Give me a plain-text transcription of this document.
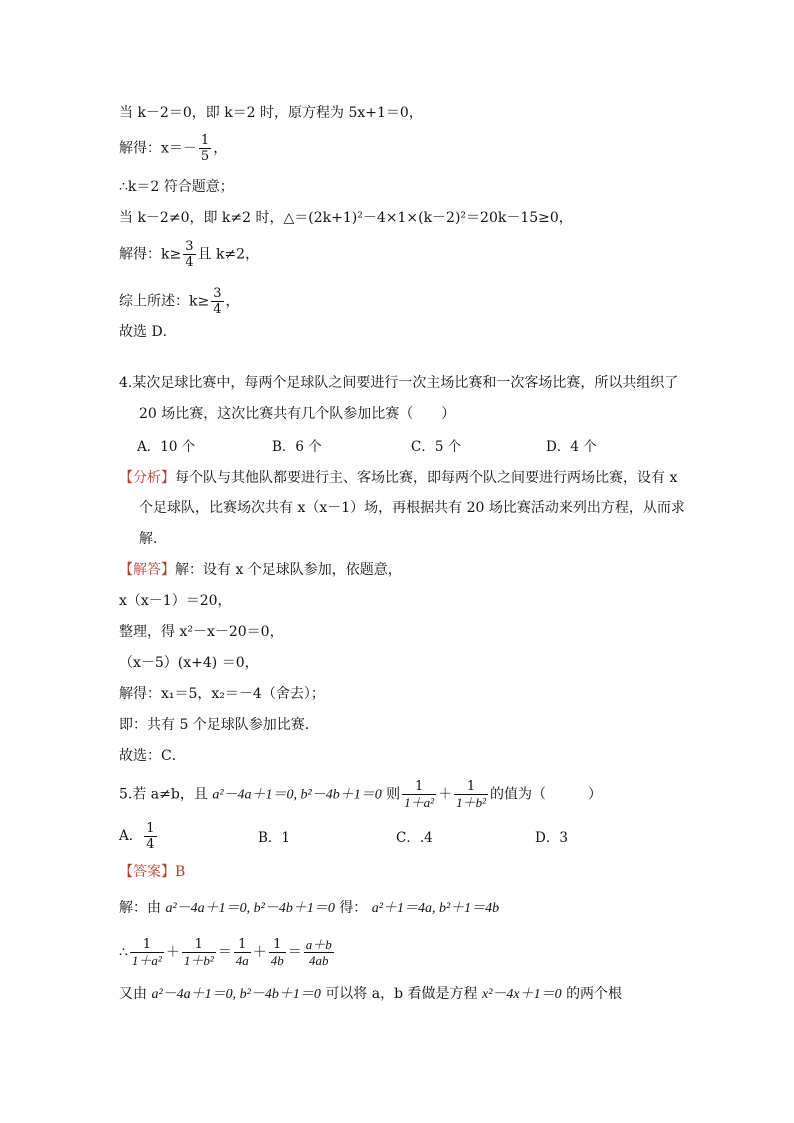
当 k－2＝0，即 k＝2 时，原方程为 5x+1＝0，
解得：$x=- \frac{1}{5}$ ，
∴k＝2 符合题意；
当 k－2≠0，即 k≠2 时，△＝(2k+1)²－4×1×(k－2)²＝20k－15≥0，
解得：$k\ge \frac{3}{4}$ 且 k≠2，
综上所述：$k\ge \frac{3}{4}$ ，
故选 D．
4.某次足球比赛中，每两个足球队之间要进行一次主场比赛和一次客场比赛，所以共组织了
20 场比赛，这次比赛共有几个队参加比赛（　　）
A．10 个	B．6 个	C．5 个	D．4 个
【分析】每个队与其他队都要进行主、客场比赛，即每两个队之间要进行两场比赛，设有 x
个足球队，比赛场次共有 x（x－1）场，再根据共有 20 场比赛活动来列出方程，从而求
解．
【解答】解：设有 x 个足球队参加，依题意，
x（x－1）＝20，
整理，得 x²－x－20＝0，
（x－5）(x+4) ＝0，
解得：x₁＝5，x₂＝－4（舍去）；
即：共有 5 个足球队参加比赛．
故选：C．
5.若 a≠b，且 a²－4a＋1＝0, b²－4b＋1＝0 则 $\frac{1}{\text{1＋a²}} + \frac{1}{\text{1＋b²}}$ 的值为（　　　）
A． $\frac{1}{4}$	B．1	C．.4	D．3
【答案】B
解：由 a²－4a＋1＝0, b²－4b＋1＝0 得： a²＋1＝4a, b²＋1＝4b
∴ $\frac{1}{\text{1＋a²}} + \frac{1}{\text{1＋b²}} = \frac{1}{4a} + \frac{1}{4b} = \frac{a+b}{4ab}$
又由 a²－4a＋1＝0, b²－4b＋1＝0 可以将 a，b 看做是方程 x²－4x＋1＝0 的两个根
